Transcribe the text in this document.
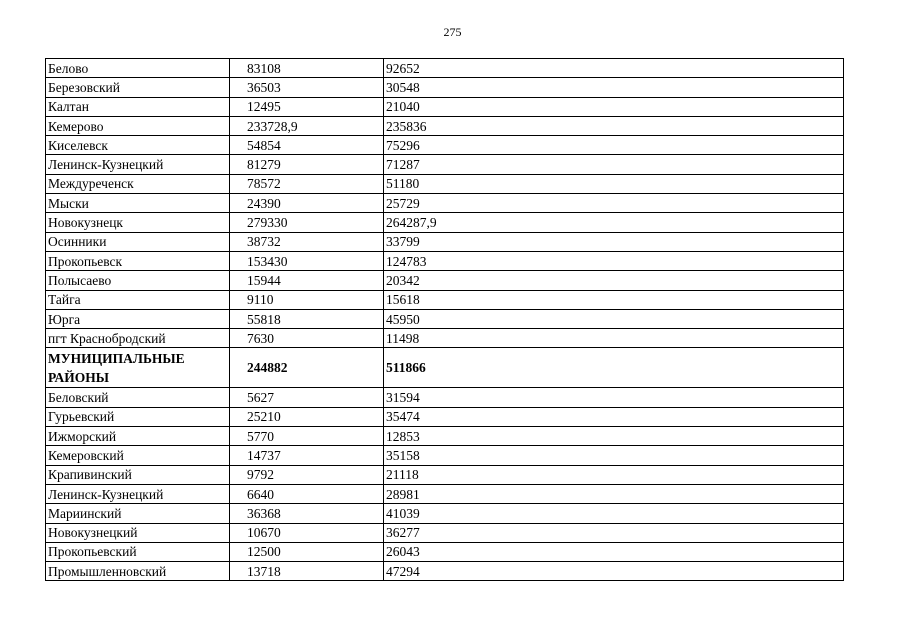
275
Белово	83108	92652
Березовский	36503	30548
Калтан	12495	21040
Кемерово	233728,9	235836
Киселевск	54854	75296
Ленинск-Кузнецкий	81279	71287
Междуреченск	78572	51180
Мыски	24390	25729
Новокузнецк	279330	264287,9
Осинники	38732	33799
Прокопьевск	153430	124783
Полысаево	15944	20342
Тайга	9110	15618
Юрга	55818	45950
пгт Краснобродский	7630	11498
МУНИЦИПАЛЬНЫЕ РАЙОНЫ	244882	511866
Беловский	5627	31594
Гурьевский	25210	35474
Ижморский	5770	12853
Кемеровский	14737	35158
Крапивинский	9792	21118
Ленинск-Кузнецкий	6640	28981
Мариинский	36368	41039
Новокузнецкий	10670	36277
Прокопьевский	12500	26043
Промышленновский	13718	47294
